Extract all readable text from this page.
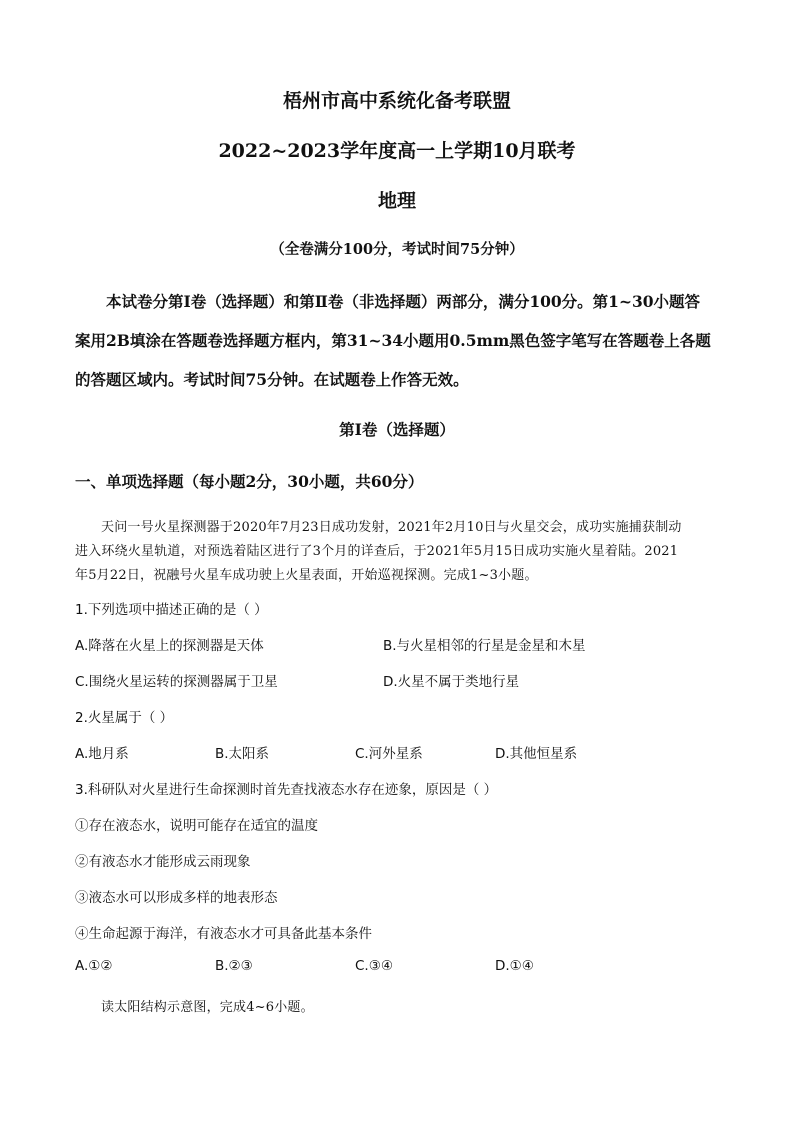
梧州市高中系统化备考联盟
2022~2023学年度高一上学期10月联考
地理
（全卷满分100分，考试时间75分钟）
本试卷分第Ⅰ卷（选择题）和第Ⅱ卷（非选择题）两部分，满分100分。第1~30小题答
案用2B填涂在答题卷选择题方框内，第31~34小题用0.5mm黑色签字笔写在答题卷上各题
的答题区域内。考试时间75分钟。在试题卷上作答无效。
第Ⅰ卷（选择题）
一、单项选择题（每小题2分，30小题，共60分）
天问一号火星探测器于2020年7月23日成功发射，2021年2月10日与火星交会，成功实施捕获制动
进入环绕火星轨道，对预选着陆区进行了3个月的详查后，于2021年5月15日成功实施火星着陆。2021
年5月22日，祝融号火星车成功驶上火星表面，开始巡视探测。完成1~3小题。
1.下列选项中描述正确的是（ ）
A.降落在火星上的探测器是天体	B.与火星相邻的行星是金星和木星
C.围绕火星运转的探测器属于卫星	D.火星不属于类地行星
2.火星属于（ ）
A.地月系	B.太阳系	C.河外星系	D.其他恒星系
3.科研队对火星进行生命探测时首先查找液态水存在迹象，原因是（ ）
①存在液态水，说明可能存在适宜的温度
②有液态水才能形成云雨现象
③液态水可以形成多样的地表形态
④生命起源于海洋，有液态水才可具备此基本条件
A.①②	B.②③	C.③④	D.①④
读太阳结构示意图，完成4~6小题。
